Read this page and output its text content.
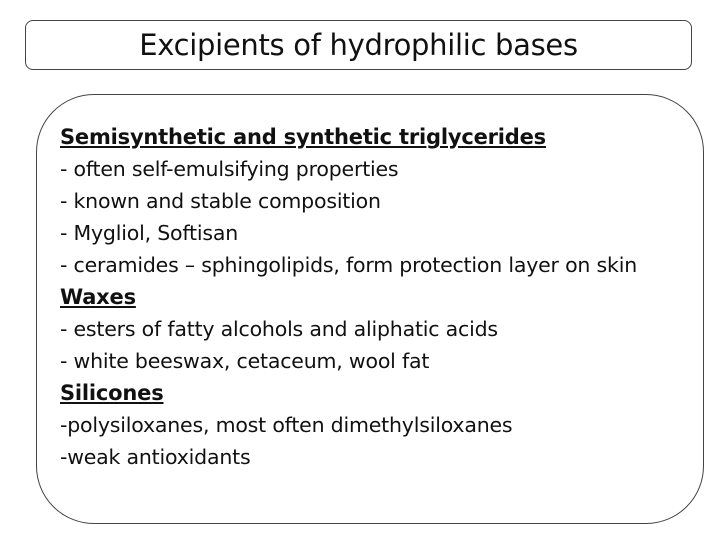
Excipients of hydrophilic bases
Semisynthetic and synthetic triglycerides
- often self-emulsifying properties
- known and stable composition
- Mygliol, Softisan
- ceramides – sphingolipids, form protection layer on skin
Waxes
- esters of fatty alcohols and aliphatic acids
- white beeswax, cetaceum, wool fat
Silicones
-polysiloxanes, most often dimethylsiloxanes
-weak antioxidants
